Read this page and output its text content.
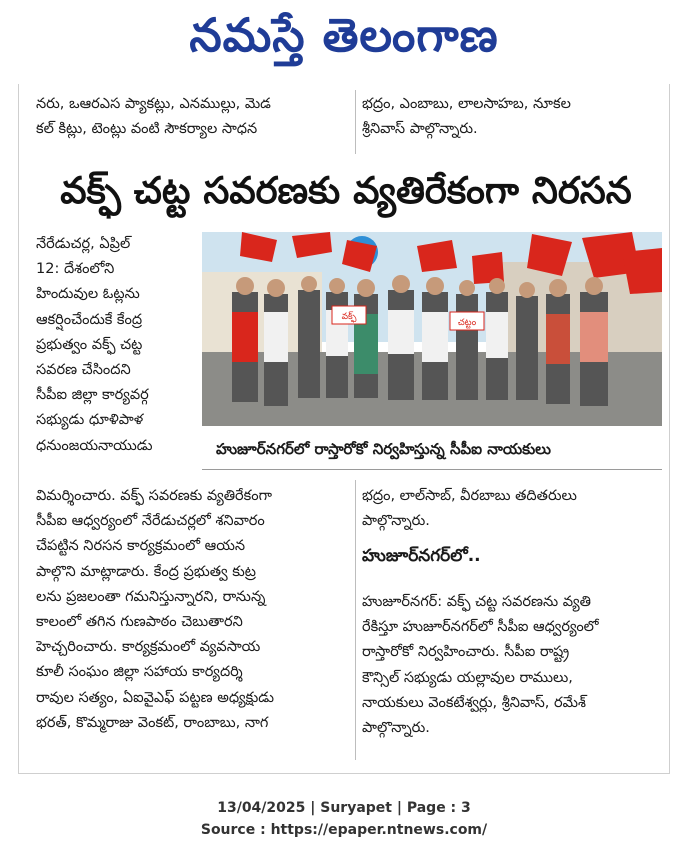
నమస్తే తెలంగాణ
నరు, ఒఆరఎస ప్యాకట్లు, ఎనముల్లు, మెడ
కల్ కిట్లు, టెంట్లు వంటి సౌకర్యాల సాధన
భద్రం, ఎంబాబు, లాలసాహబ, నూకల
శ్రీనివాస్ పాల్గొన్నారు.
వక్ఫ్ చట్ట సవరణకు వ్యతిరేకంగా నిరసన
నేరేడుచర్ల, ఏప్రిల్
12: దేశంలోని
హిందువుల ఓట్లను
ఆకర్షించేందుకే కేంద్ర
ప్రభుత్వం వక్ఫ్ చట్ట
సవరణ చేసిందని
సీపీఐ జిల్లా కార్యవర్గ
సభ్యుడు ధూళిపాళ
ధనుంజయనాయుడు
వక్ఫ్
చట్టం
హుజూర్‌నగర్‌లో రాస్తారోకో నిర్వహిస్తున్న సీపీఐ నాయకులు
విమర్శించారు. వక్ఫ్ సవరణకు వ్యతిరేకంగా
సీపీఐ ఆధ్వర్యంలో నేరేడుచర్లలో శనివారం
చేపట్టిన నిరసన కార్యక్రమంలో ఆయన
పాల్గొని మాట్లాడారు. కేంద్ర ప్రభుత్వ కుట్ర
లను ప్రజలంతా గమనిస్తున్నారని, రానున్న
కాలంలో తగిన గుణపాఠం చెబుతారని
హెచ్చరించారు. కార్యక్రమంలో వ్యవసాయ
కూలీ సంఘం జిల్లా సహాయ కార్యదర్శి
రావుల సత్యం, ఏఐవైఎఫ్ పట్టణ అధ్యక్షుడు
భరత్, కొమ్మరాజు వెంకట్, రాంబాబు, నాగ
భద్రం, లాల్‌సాబ్, వీరబాబు తదితరులు
పాల్గొన్నారు.
హుజూర్‌నగర్‌లో..
హుజూర్‌నగర్: వక్ఫ్ చట్ట సవరణను వ్యతి
రేకిస్తూ హుజూర్‌నగర్‌లో సీపీఐ ఆధ్వర్యంలో
రాస్తారోకో నిర్వహించారు. సీపీఐ రాష్ట్ర
కౌన్సిల్ సభ్యుడు యల్లావుల రాములు,
నాయకులు వెంకటేశ్వర్లు, శ్రీనివాస్, రమేశ్
పాల్గొన్నారు.
13/04/2025 | Suryapet | Page : 3
Source : https://epaper.ntnews.com/
